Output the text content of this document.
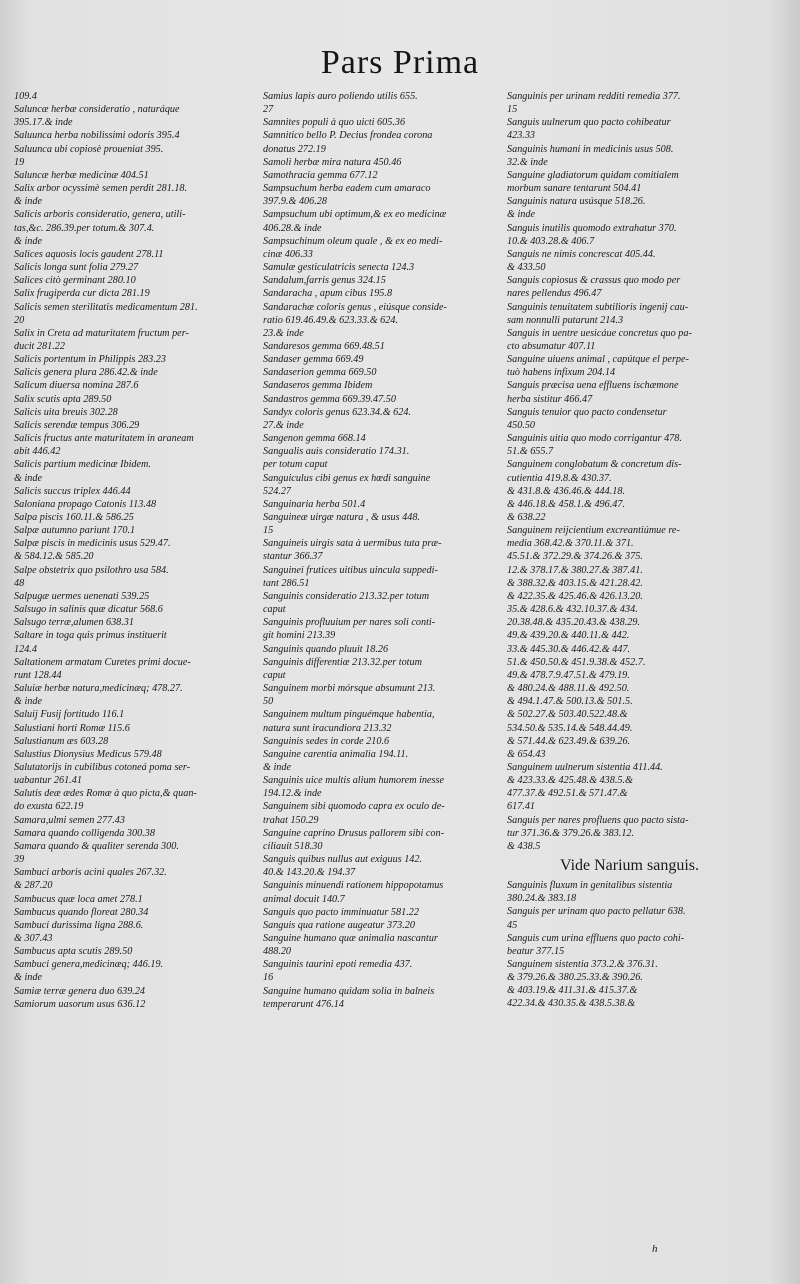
Pars Prima

109.4

Saluncæ herbæ consideratio , naturáque
395.17.& inde

Saluunca herba nobilissimi odoris 395.4

Saluunca ubi copiosè proueniat 395.
19

Saluncæ herbæ medicinæ 404.51

Salix arbor ocyssimè semen perdit 281.18.
& inde

Salicis arboris consideratio, genera, utili-
tas,&c. 286.39.per totum.& 307.4.
& inde

Salices aquosis locis gaudent 278.11

Salicis longa sunt folia 279.27

Salices citò germinant 280.10

Salix frugiperda cur dicta 281.19

Salicis semen sterilitatis medicamentum 281.
20

Salix in Creta ad maturitatem fructum per-
ducit 281.22

Salicis portentum in Philippis 283.23

Salicis genera plura 286.42.& inde

Salicum diuersa nomina 287.6

Salix scutis apta 289.50

Salicis uita breuis 302.28

Salicis serendæ tempus 306.29

Salicis fructus ante maturitatem in araneam
abit 446.42

Salicis partium medicinæ Ibidem.
& inde

Salicis succus triplex 446.44

Saloniana propago Catonis 113.48

Salpa piscis 160.11.& 586.25

Salpæ autumno pariunt 170.1

Salpæ piscis in medicinis usus 529.47.
& 584.12.& 585.20

Salpe obstetrix quo psilothro usa 584.
48

Salpugæ uermes uenenati 539.25

Salsugo in salinis quæ dicatur 568.6

Salsugo terræ,alumen 638.31

Saltare in toga quis primus instituerit
124.4

Saltationem armatam Curetes primi docue-
runt 128.44

Saluiæ herbæ natura,medicinæq; 478.27.
& inde

Saluij Fusij fortitudo 116.1

Salustiani horti Romæ 115.6

Salustianum æs 603.28

Salustius Dionysius Medicus 579.48

Salutatorijs in cubilibus cotoneá poma ser-
uabantur 261.41

Salutis deæ ædes Romæ à quo picta,& quan-
do exusta 622.19

Samara,ulmi semen 277.43

Samara quando colligenda 300.38

Samara quando & qualiter serenda 300.
39

Sambuci arboris acini quales 267.32.
& 287.20

Sambucus quæ loca amet 278.1

Sambucus quando floreat 280.34

Sambuci durissima ligna 288.6.
& 307.43

Sambucus apta scutis 289.50

Sambuci genera,medicinæq; 446.19.
& inde

Samiæ terræ genera duo 639.24

Samiorum uasorum usus 636.12

Samius lapis auro poliendo utilis 655.
27

Samnites populi à quo uicti 605.36

Samnitico bello P. Decius frondea corona
donatus 272.19

Samoli herbæ mira natura 450.46

Samothracia gemma 677.12

Sampsuchum herba eadem cum amaraco
397.9.& 406.28

Sampsuchum ubi optimum,& ex eo medicinæ
406.28.& inde

Sampsuchinum oleum quale , & ex eo medi-
cinæ 406.33

Samulæ gesticulatricis senecta 124.3

Sandalum,farris genus 324.15

Sandaracha , apum cibus 195.8

Sandarachæ coloris genus , eiúsque conside-
ratio 619.46.49.& 623.33.& 624.
23.& inde

Sandaresos gemma 669.48.51

Sandaser gemma 669.49

Sandaserion gemma 669.50

Sandaseros gemma Ibidem

Sandastros gemma 669.39.47.50

Sandyx coloris genus 623.34.& 624.
27.& inde

Sangenon gemma 668.14

Sangualis auis consideratio 174.31.
per totum caput

Sanguiculus cibi genus ex hœdi sanguine
524.27

Sanguinaria herba 501.4

Sanguineæ uirgæ natura , & usus 448.
15

Sanguineis uirgis sata à uermibus tuta præ-
stantur 366.37

Sanguinei frutices uitibus uincula suppedi-
tant 286.51

Sanguinis consideratio 213.32.per totum
caput

Sanguinis profluuium per nares soli conti-
git homini 213.39

Sanguinis quando pluuit 18.26

Sanguinis differentiæ 213.32.per totum
caput

Sanguinem morbi mórsque absumunt 213.
50

Sanguinem multum pinguémque habentia,
natura sunt iracundiora 213.32

Sanguinis sedes in corde 210.6

Sanguine carentia animalia 194.11.
& inde

Sanguinis uice multis alium humorem inesse
194.12.& inde

Sanguinem sibi quomodo capra ex oculo de-
trahat 150.29

Sanguine caprino Drusus pallorem sibi con-
ciliauit 518.30

Sanguis quibus nullus aut exiguus 142.
40.& 143.20.& 194.37

Sanguinis minuendi rationem hippopotamus
animal docuit 140.7

Sanguis quo pacto imminuatur 581.22

Sanguis qua ratione augeatur 373.20

Sanguine humano quæ animalia nascantur
488.20

Sanguinis taurini epoti remedia 437.
16

Sanguine humano quidam solia in balneis
temperarunt 476.14

Sanguinis per urinam redditi remedia 377.
15

Sanguis uulnerum quo pacto cohibeatur
423.33

Sanguinis humani in medicinis usus 508.
32.& inde

Sanguine gladiatorum quidam comitialem
morbum sanare tentarunt 504.41

Sanguinis natura usúsque 518.26.
& inde

Sanguis inutilis quomodo extrahatur 370.
10.& 403.28.& 406.7

Sanguis ne nimis concrescat 405.44.
& 433.50

Sanguis copiosus & crassus quo modo per
nares pellendus 496.47

Sanguinis tenuitatem subtilioris ingenij cau-
sam nonnulli putarunt 214.3

Sanguis in uentre uesicáue concretus quo pa-
cto absumatur 407.11

Sanguine uiuens animal , capútque el perpe-
tuò habens infixum 204.14

Sanguis præcisa uena effluens ischæmone
herba sistitur 466.47

Sanguis tenuior quo pacto condensetur
450.50

Sanguinis uitia quo modo corrigantur 478.
51.& 655.7

Sanguinem conglobatum & concretum dis-
cutientia 419.8.& 430.37.
& 431.8.& 436.46.& 444.18.
& 446.18.& 458.1.& 496.47.
& 638.22

Sanguinem reijcientium excreantiúmue re-
media 368.42.& 370.11.& 371.
45.51.& 372.29.& 374.26.& 375.
12.& 378.17.& 380.27.& 387.41.
& 388.32.& 403.15.& 421.28.42.
& 422.35.& 425.46.& 426.13.20.
35.& 428.6.& 432.10.37.& 434.
20.38.48.& 435.20.43.& 438.29.
49.& 439.20.& 440.11.& 442.
33.& 445.30.& 446.42.& 447.
51.& 450.50.& 451.9.38.& 452.7.
49.& 478.7.9.47.51.& 479.19.
& 480.24.& 488.11.& 492.50.
& 494.1.47.& 500.13.& 501.5.
& 502.27.& 503.40.522.48.&
534.50.& 535.14.& 548.44.49.
& 571.44.& 623.49.& 639.26.
& 654.43

Sanguinem uulnerum sistentia 411.44.
& 423.33.& 425.48.& 438.5.&
477.37.& 492.51.& 571.47.&
617.41

Sanguis per nares profluens quo pacto sista-
tur 371.36.& 379.26.& 383.12.
& 438.5

Vide Narium sanguis.

Sanguinis fluxum in genitalibus sistentia
380.24.& 383.18

Sanguis per urinam quo pacto pellatur 638.
45

Sanguis cum urina effluens quo pacto cohi-
beatur 377.15

Sanguinem sistentia 373.2.& 376.31.
& 379.26.& 380.25.33.& 390.26.
& 403.19.& 411.31.& 415.37.&
422.34.& 430.35.& 438.5.38.&

h
